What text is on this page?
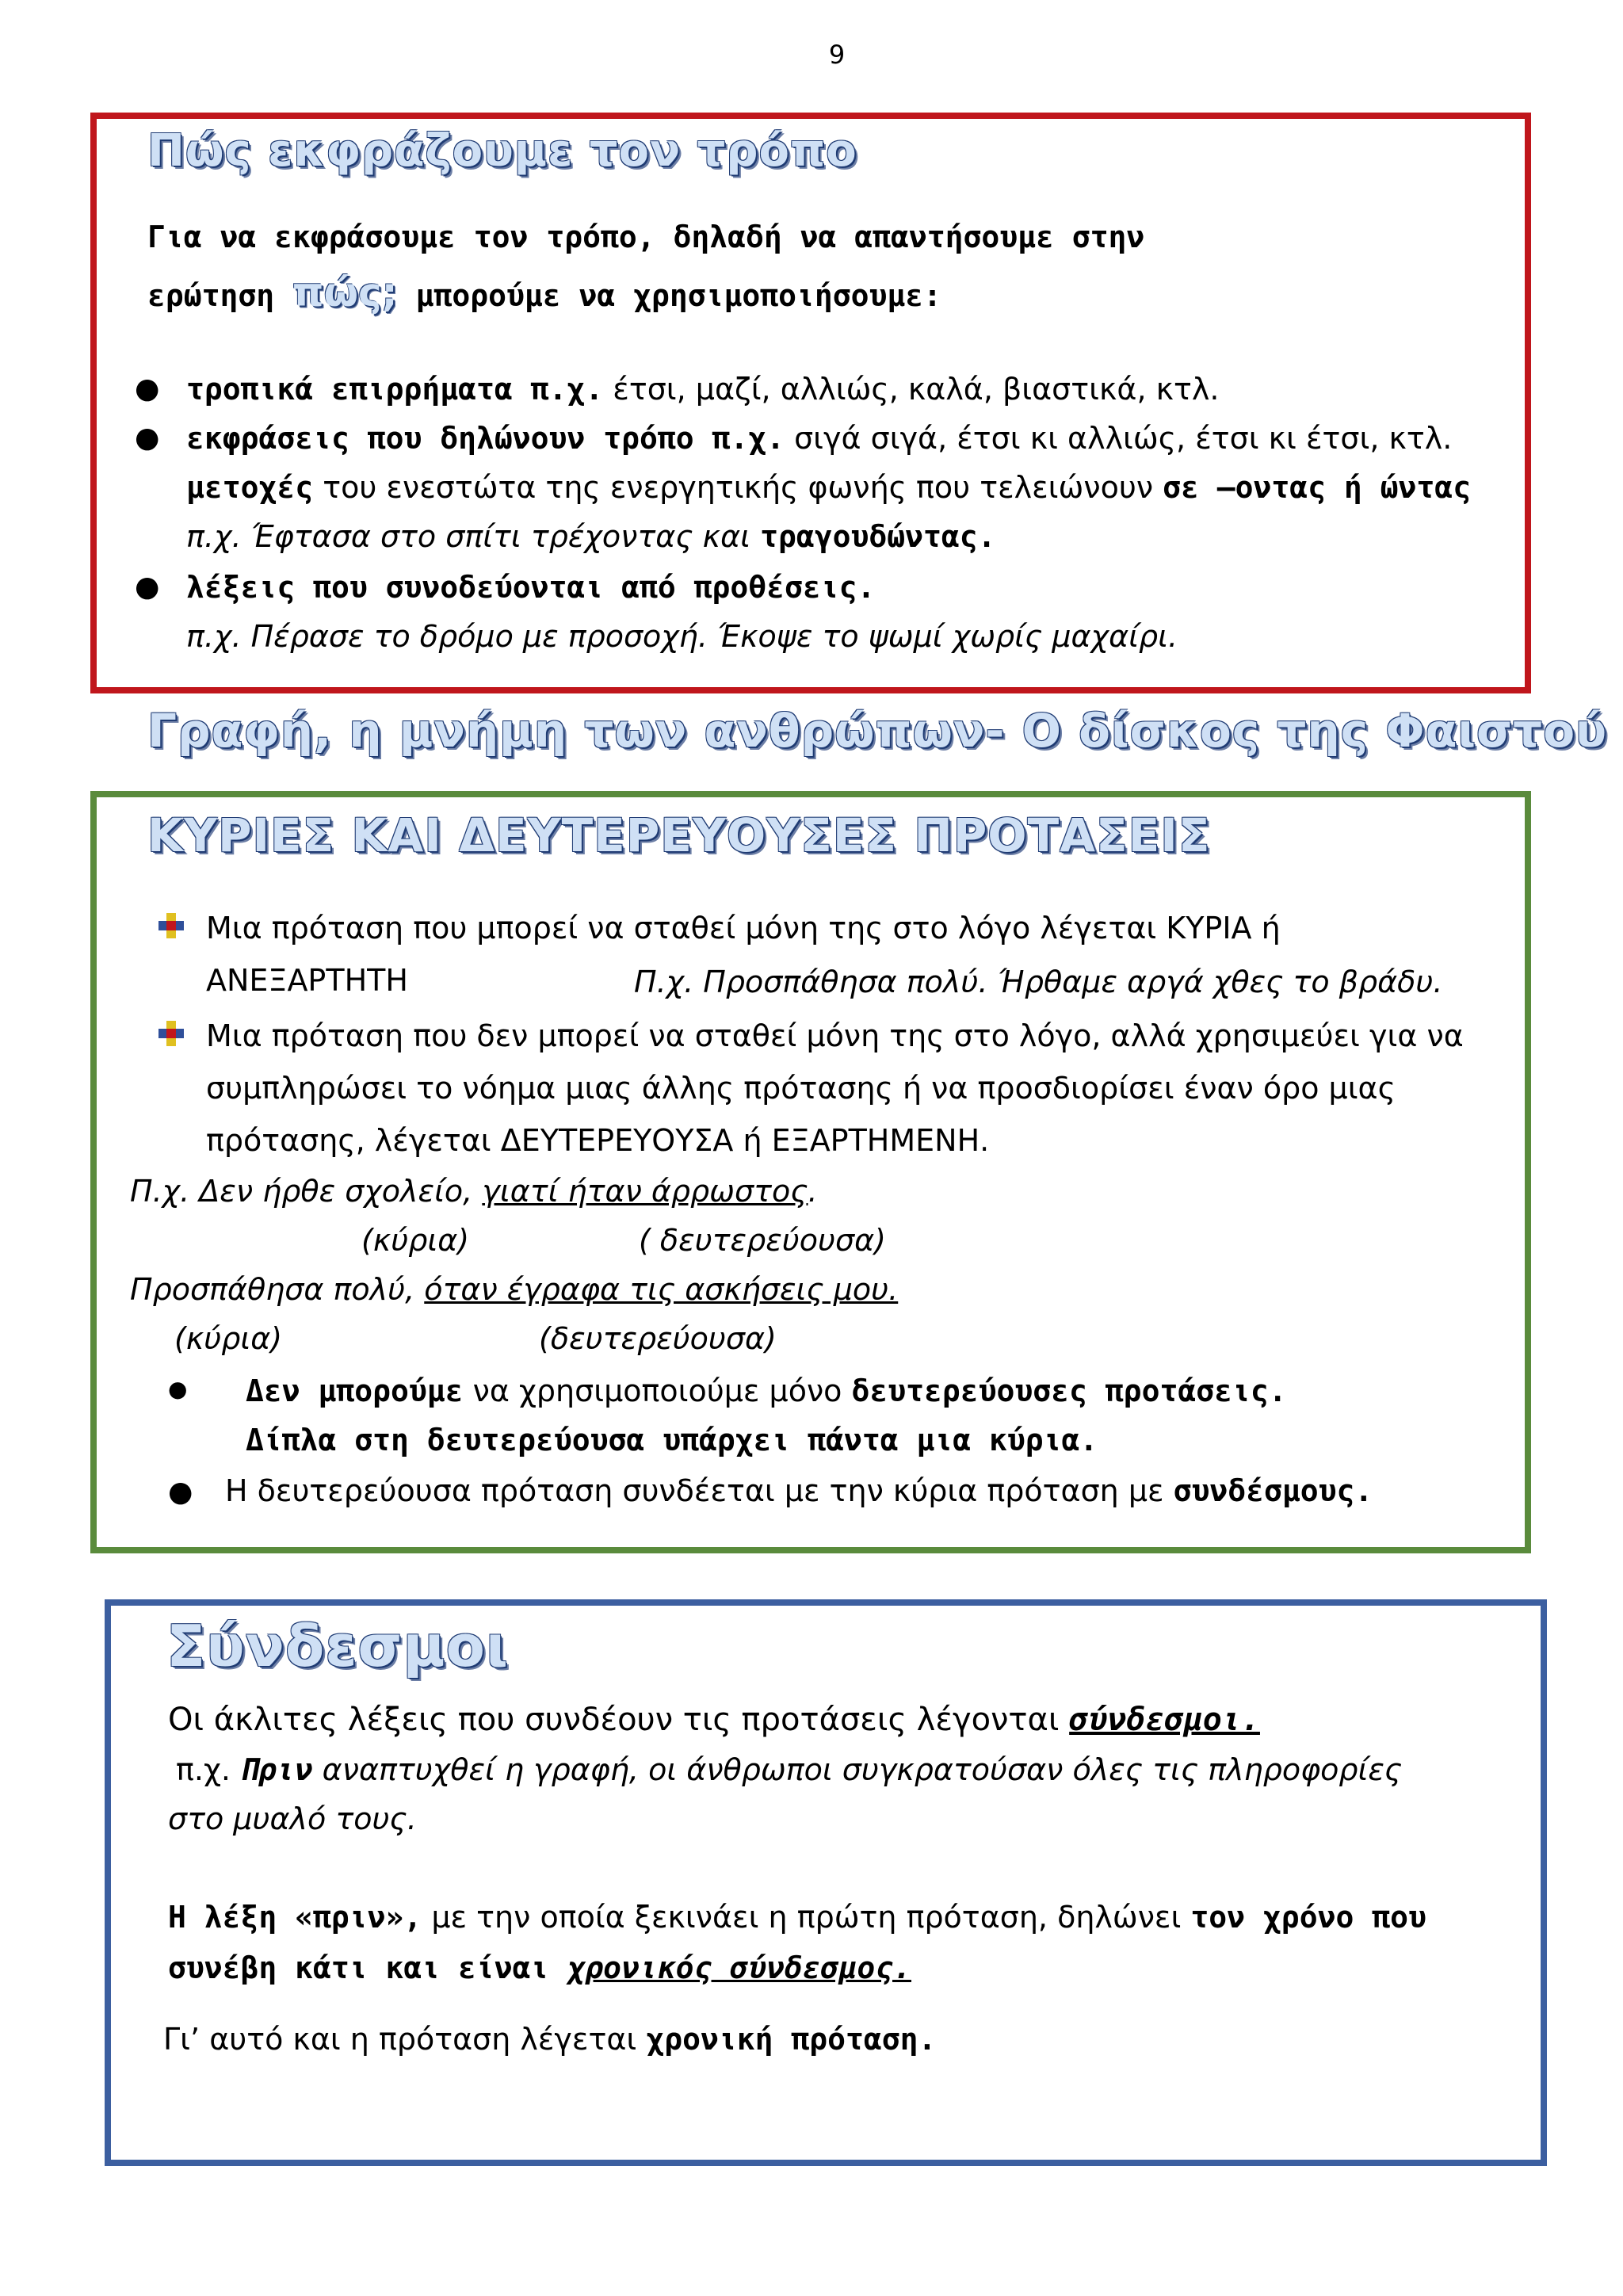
9
Πώς εκφράζουμε τον τρόπο
Για να εκφράσουμε τον τρόπο, δηλαδή να απαντήσουμε στην
ερώτηση πώς; μπορούμε να χρησιμοποιήσουμε:
● τροπικά επιρρήματα π.χ. έτσι, μαζί, αλλιώς, καλά, βιαστικά, κτλ.
● εκφράσεις που δηλώνουν τρόπο π.χ. σιγά σιγά, έτσι κι αλλιώς, έτσι κι έτσι, κτλ.
μετοχές του ενεστώτα της ενεργητικής φωνής που τελειώνουν σε –οντας ή ώντας
π.χ. Έφτασα στο σπίτι τρέχοντας και τραγουδώντας.
● λέξεις που συνοδεύονται από προθέσεις.
π.χ. Πέρασε το δρόμο με προσοχή. Έκοψε το ψωμί χωρίς μαχαίρι.
Γραφή, η μνήμη των ανθρώπων- Ο δίσκος της Φαιστού
ΚΥΡΙΕΣ ΚΑΙ ΔΕΥΤΕΡΕΥΟΥΣΕΣ ΠΡΟΤΑΣΕΙΣ
Μια πρόταση που μπορεί να σταθεί μόνη της στο λόγο λέγεται ΚΥΡΙΑ ή
ΑΝΕΞΑΡΤΗΤΗ	Π.χ. Προσπάθησα πολύ. Ήρθαμε αργά χθες το βράδυ.
Μια πρόταση που δεν μπορεί να σταθεί μόνη της στο λόγο, αλλά χρησιμεύει για να
συμπληρώσει το νόημα μιας άλλης πρότασης ή να προσδιορίσει έναν όρο μιας
πρότασης, λέγεται ΔΕΥΤΕΡΕΥΟΥΣΑ ή ΕΞΑΡΤΗΜΕΝΗ.
Π.χ. Δεν ήρθε σχολείο, γιατί ήταν άρρωστος.
(κύρια)	( δευτερεύουσα)
Προσπάθησα πολύ, όταν έγραφα τις ασκήσεις μου.
(κύρια)	(δευτερεύουσα)
● Δεν μπορούμε να χρησιμοποιούμε μόνο δευτερεύουσες προτάσεις.
Δίπλα στη δευτερεύουσα υπάρχει πάντα μια κύρια.
● Η δευτερεύουσα πρόταση συνδέεται με την κύρια πρόταση με συνδέσμους.
Σύνδεσμοι
Οι άκλιτες λέξεις που συνδέουν τις προτάσεις λέγονται σύνδεσμοι.
π.χ. Πριν αναπτυχθεί η γραφή, οι άνθρωποι συγκρατούσαν όλες τις πληροφορίες
στο μυαλό τους.
Η λέξη «πριν», με την οποία ξεκινάει η πρώτη πρόταση, δηλώνει τον χρόνο που
συνέβη κάτι και είναι χρονικός σύνδεσμος.
Γι’ αυτό και η πρόταση λέγεται χρονική πρόταση.
